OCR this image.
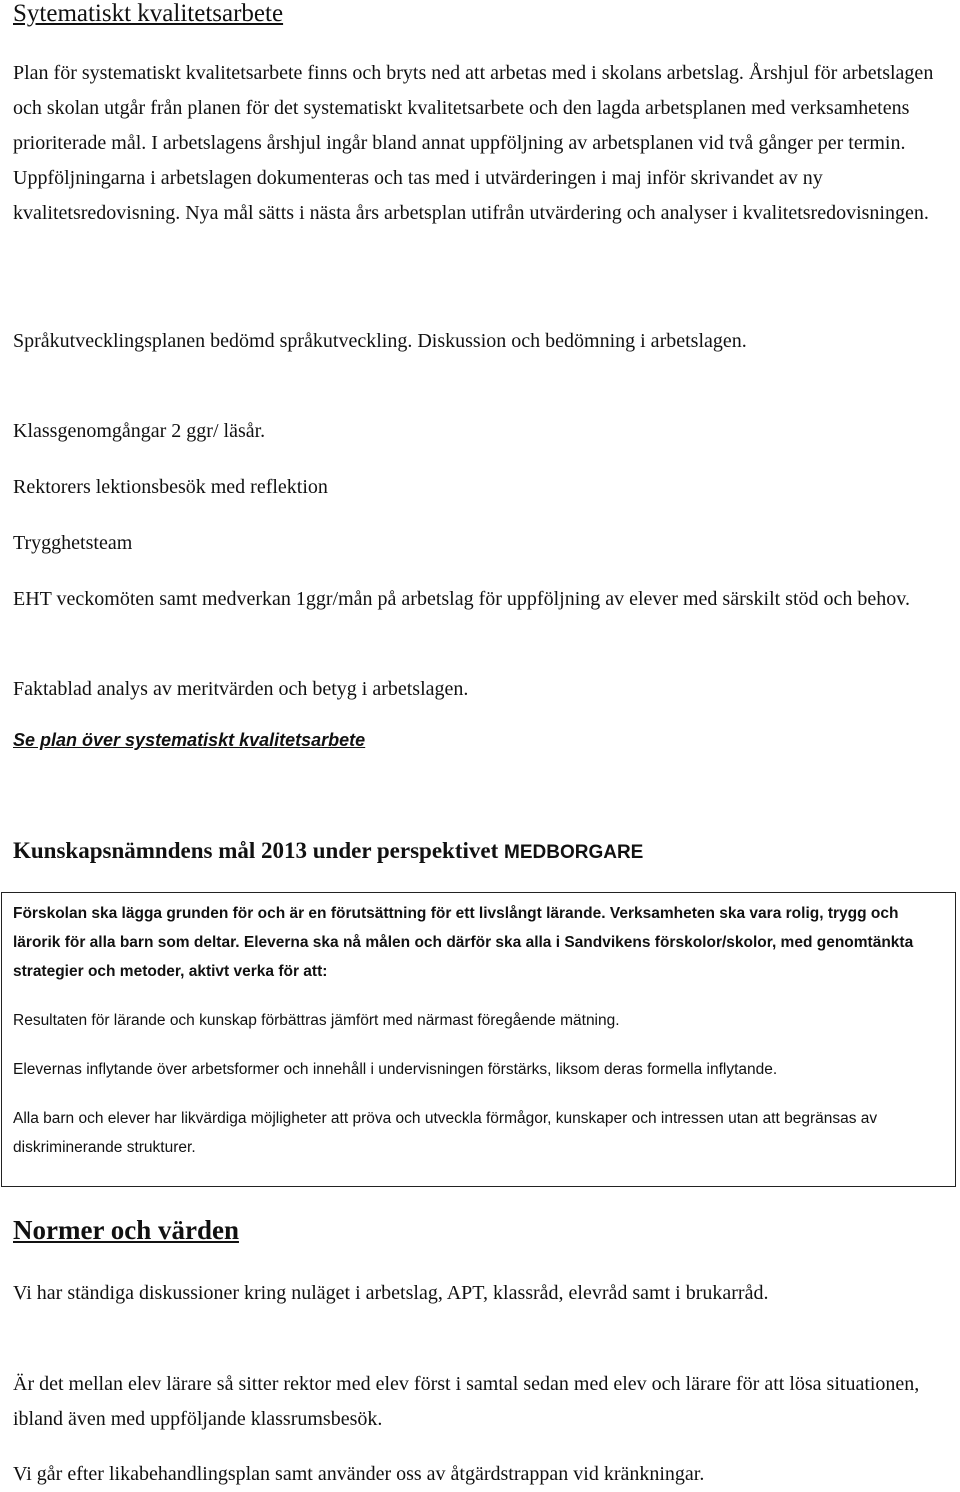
Sytematiskt kvalitetsarbete

Plan för systematiskt kvalitetsarbete finns och bryts ned att arbetas med i skolans arbetslag. Årshjul för arbetslagen och skolan utgår från planen för det systematiskt kvalitetsarbete och den lagda arbetsplanen med verksamhetens prioriterade mål. I arbetslagens årshjul ingår bland annat uppföljning av arbetsplanen vid två gånger per termin. Uppföljningarna i arbetslagen dokumenteras och tas med i utvärderingen i maj inför skrivandet av ny kvalitetsredovisning. Nya mål sätts i nästa års arbetsplan utifrån utvärdering och analyser i kvalitetsredovisningen.

Språkutvecklingsplanen bedömd språkutveckling. Diskussion och bedömning i arbetslagen.

Klassgenomgångar 2 ggr/ läsår.

Rektorers lektionsbesök med reflektion

Trygghetsteam

EHT veckomöten samt medverkan 1ggr/mån på arbetslag för uppföljning av elever med särskilt stöd och behov.

Faktablad analys av meritvärden och betyg i arbetslagen.

Se plan över systematiskt kvalitetsarbete
Kunskapsnämndens mål 2013 under perspektivet MEDBORGARE

Förskolan ska lägga grunden för och är en förutsättning för ett livslångt lärande. Verksamheten ska vara rolig, trygg och lärorik för alla barn som deltar. Eleverna ska nå målen och därför ska alla i Sandvikens förskolor/skolor, med genomtänkta strategier och metoder, aktivt verka för att:

Resultaten för lärande och kunskap förbättras jämfört med närmast föregående mätning.

Elevernas inflytande över arbetsformer och innehåll i undervisningen förstärks, liksom deras formella inflytande.

Alla barn och elever har likvärdiga möjligheter att pröva och utveckla förmågor, kunskaper och intressen utan att begränsas av diskriminerande strukturer.

Normer och värden

Vi har ständiga diskussioner kring nuläget i arbetslag, APT, klassråd, elevråd samt i brukarråd.

Är det mellan elev lärare så sitter rektor med elev först i samtal sedan med elev och lärare för att lösa situationen, ibland även med uppföljande klassrumsbesök.

Vi går efter likabehandlingsplan samt använder oss av åtgärdstrappan vid kränkningar.
